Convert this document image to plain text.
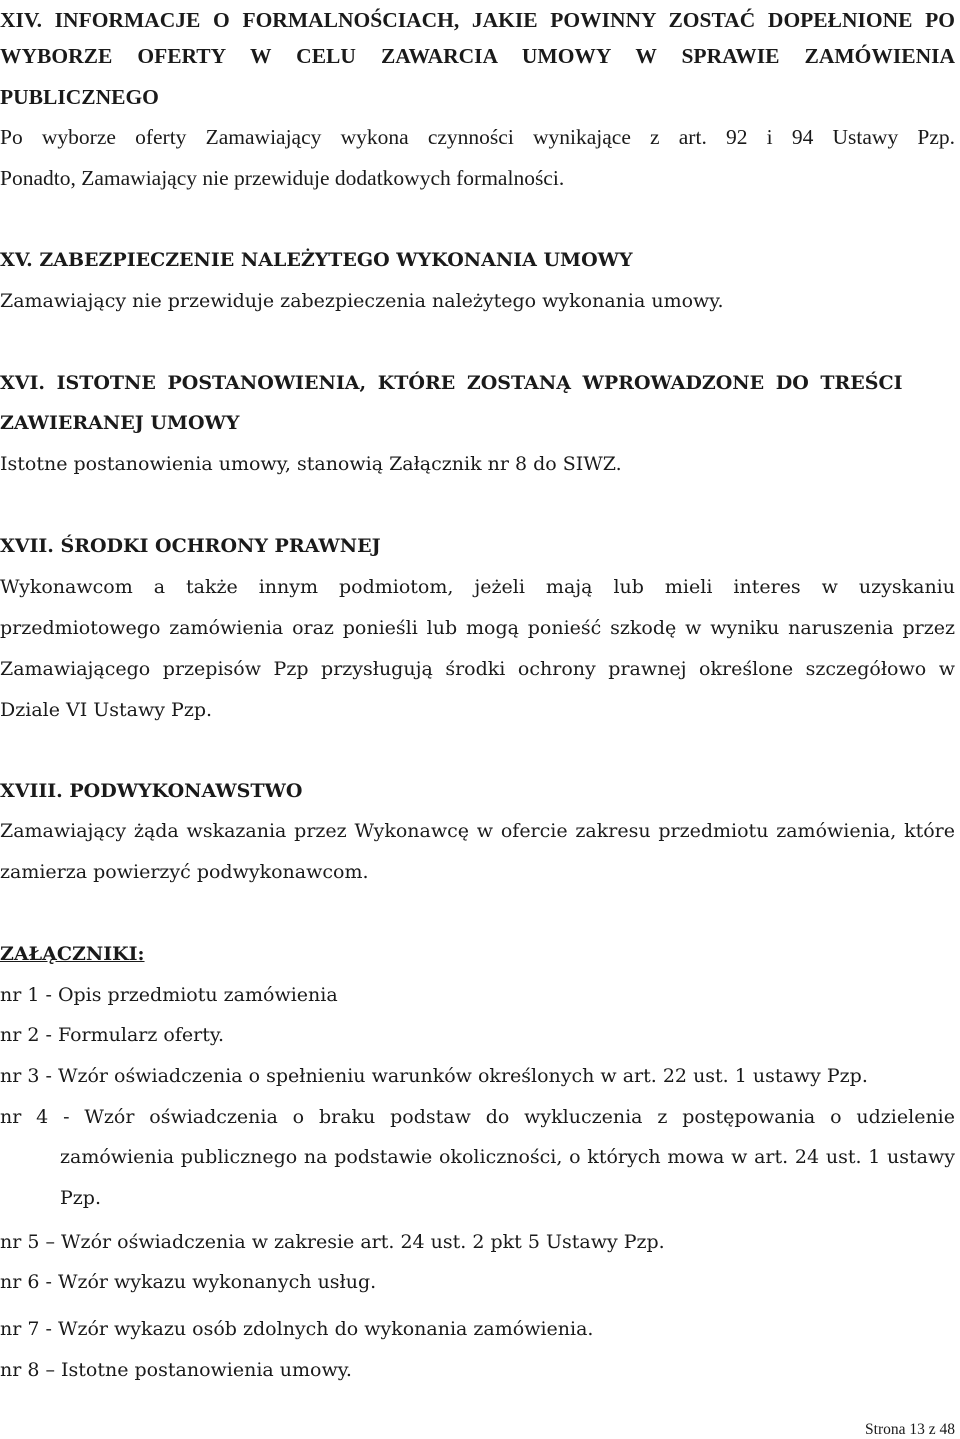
XIV. INFORMACJE O FORMALNOŚCIACH, JAKIE POWINNY ZOSTAĆ DOPEŁNIONE PO
WYBORZE OFERTY W CELU ZAWARCIA UMOWY W SPRAWIE ZAMÓWIENIA
PUBLICZNEGO
Po wyborze oferty Zamawiający wykona czynności wynikające z art. 92 i 94 Ustawy Pzp.
Ponadto, Zamawiający nie przewiduje dodatkowych formalności.
XV. ZABEZPIECZENIE NALEŻYTEGO WYKONANIA UMOWY
Zamawiający nie przewiduje zabezpieczenia należytego wykonania umowy.
XVI. ISTOTNE POSTANOWIENIA, KTÓRE ZOSTANĄ WPROWADZONE DO TREŚCI
ZAWIERANEJ UMOWY
Istotne postanowienia umowy, stanowią Załącznik nr 8 do SIWZ.
XVII. ŚRODKI OCHRONY PRAWNEJ

Wykonawcom a także innym podmiotom, jeżeli mają lub mieli interes w uzyskaniu przedmiotowego zamówienia oraz ponieśli lub mogą ponieść szkodę w wyniku naruszenia przez Zamawiającego przepisów Pzp przysługują środki ochrony prawnej określone szczegółowo w Dziale VI Ustawy Pzp.

XVIII. PODWYKONAWSTWO

Zamawiający żąda wskazania przez Wykonawcę w ofercie zakresu przedmiotu zamówienia, które zamierza powierzyć podwykonawcom.

ZAŁĄCZNIKI:
nr 1 - Opis przedmiotu zamówienia
nr 2 - Formularz oferty.
nr 3 - Wzór oświadczenia o spełnieniu warunków określonych w art. 22 ust. 1 ustawy Pzp.
nr 4 - Wzór oświadczenia o braku podstaw do wykluczenia z postępowania o udzielenie

zamówienia publicznego na podstawie okoliczności, o których mowa w art. 24 ust. 1 ustawy Pzp.

nr 5 – Wzór oświadczenia w zakresie art. 24 ust. 2 pkt 5 Ustawy Pzp.
nr 6 - Wzór wykazu wykonanych usług.
nr 7 - Wzór wykazu osób zdolnych do wykonania zamówienia.
nr 8 – Istotne postanowienia umowy.
Strona 13 z 48
